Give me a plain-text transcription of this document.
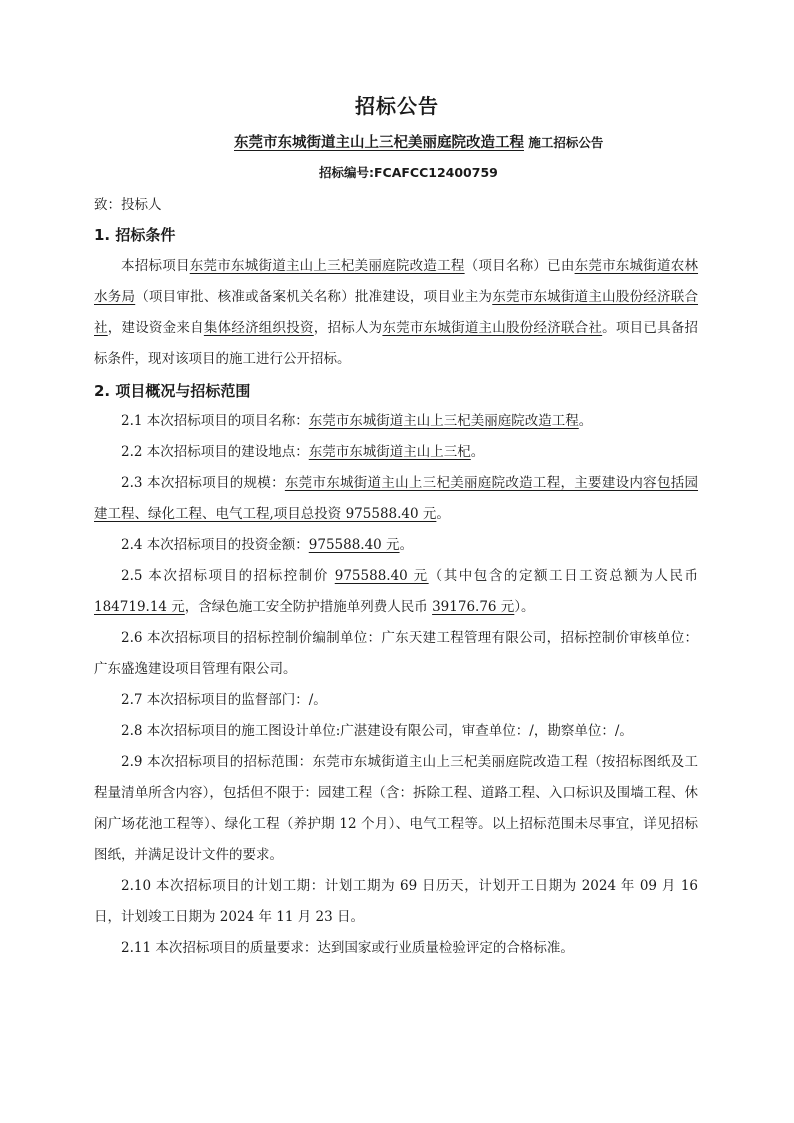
招标公告
东莞市东城街道主山上三杞美丽庭院改造工程 施工招标公告
招标编号:FCAFCC12400759
致：投标人
1. 招标条件

本招标项目东莞市东城街道主山上三杞美丽庭院改造工程（项目名称）已由东莞市东城街道农林水务局（项目审批、核准或备案机关名称）批准建设，项目业主为东莞市东城街道主山股份经济联合社，建设资金来自集体经济组织投资，招标人为东莞市东城街道主山股份经济联合社。项目已具备招标条件，现对该项目的施工进行公开招标。

2. 项目概况与招标范围

2.1 本次招标项目的项目名称：东莞市东城街道主山上三杞美丽庭院改造工程。

2.2 本次招标项目的建设地点：东莞市东城街道主山上三杞。

2.3 本次招标项目的规模：东莞市东城街道主山上三杞美丽庭院改造工程，主要建设内容包括园建工程、绿化工程、电气工程,项目总投资 975588.40 元。

2.4 本次招标项目的投资金额：975588.40 元。

2.5 本次招标项目的招标控制价 975588.40 元（其中包含的定额工日工资总额为人民币 184719.14 元，含绿色施工安全防护措施单列费人民币 39176.76 元）。

2.6 本次招标项目的招标控制价编制单位：广东天建工程管理有限公司，招标控制价审核单位：广东盛逸建设项目管理有限公司。

2.7 本次招标项目的监督部门：/。

2.8 本次招标项目的施工图设计单位:广湛建设有限公司，审查单位：/，勘察单位：/。

2.9 本次招标项目的招标范围：东莞市东城街道主山上三杞美丽庭院改造工程（按招标图纸及工程量清单所含内容），包括但不限于：园建工程（含：拆除工程、道路工程、入口标识及围墙工程、休闲广场花池工程等）、绿化工程（养护期 12 个月）、电气工程等。以上招标范围未尽事宜，详见招标图纸，并满足设计文件的要求。

2.10 本次招标项目的计划工期：计划工期为 69 日历天，计划开工日期为 2024 年 09 月 16 日，计划竣工日期为 2024 年 11 月 23 日。

2.11 本次招标项目的质量要求：达到国家或行业质量检验评定的合格标准。
